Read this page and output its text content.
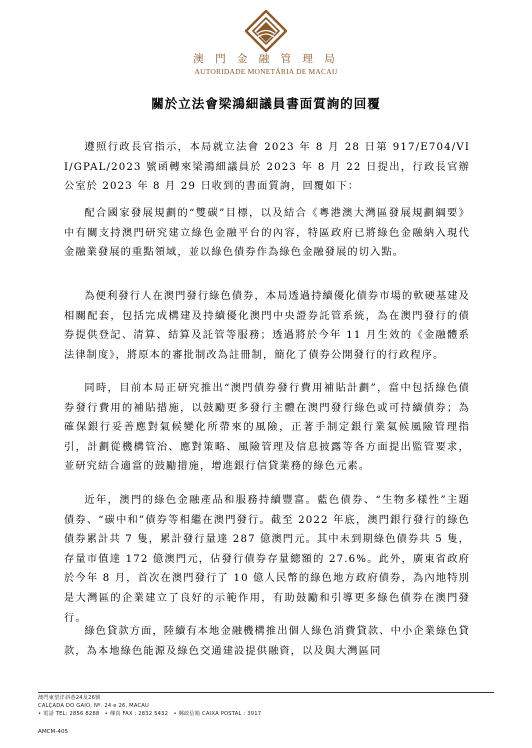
澳 門 金 融 管 理 局
AUTORIDADE MONETÁRIA DE MACAU
關於立法會梁鴻細議員書面質詢的回覆

遵照行政長官指示，本局就立法會 2023 年 8 月 28 日第 917/E704/VII/GPAL/2023 號函轉來梁鴻細議員於 2023 年 8 月 22 日提出，行政長官辦公室於 2023 年 8 月 29 日收到的書面質詢，回覆如下：

配合國家發展規劃的“雙碳”目標，以及結合《粵港澳大灣區發展規劃綱要》中有關支持澳門研究建立綠色金融平台的內容，特區政府已將綠色金融納入現代金融業發展的重點領域，並以綠色債券作為綠色金融發展的切入點。

為便利發行人在澳門發行綠色債券，本局透過持續優化債券市場的軟硬基建及相關配套，包括完成構建及持續優化澳門中央證券託管系統，為在澳門發行的債券提供登記、清算、結算及託管等服務；透過將於今年 11 月生效的《金融體系法律制度》，將原本的審批制改為註冊制，簡化了債券公開發行的行政程序。

同時，目前本局正研究推出“澳門債券發行費用補貼計劃”，當中包括綠色債券發行費用的補貼措施，以鼓勵更多發行主體在澳門發行綠色或可持續債券；為確保銀行妥善應對氣候變化所帶來的風險，正著手制定銀行業氣候風險管理指引，計劃從機構管治、應對策略、風險管理及信息披露等各方面提出監管要求，並研究結合適當的鼓勵措施，增進銀行信貸業務的綠色元素。

近年，澳門的綠色金融產品和服務持續豐富。藍色債券、“生物多樣性”主題債券、“碳中和”債券等相繼在澳門發行。截至 2022 年底，澳門銀行發行的綠色債券累計共 7 隻，累計發行量達 287 億澳門元。其中未到期綠色債券共 5 隻，存量市值達 172 億澳門元，佔發行債券存量總額的 27.6%。此外，廣東省政府於今年 8 月，首次在澳門發行了 10 億人民幣的綠色地方政府債券，為內地特別是大灣區的企業建立了良好的示範作用，有助鼓勵和引導更多綠色債券在澳門發行。

綠色貸款方面，陸續有本地金融機構推出個人綠色消費貸款、中小企業綠色貸款，為本地綠色能源及綠色交通建設提供融資，以及與大灣區同

澳門東望洋斜巷24及26號
CALÇADA DO GAIO, Nº. 24 e 26, MACAU
• 電話 TEL: 2856 8288　• 傳真 FAX : 2832 5432　• 郵政信箱 CAIXA POSTAL : 3017
AMCM-405
